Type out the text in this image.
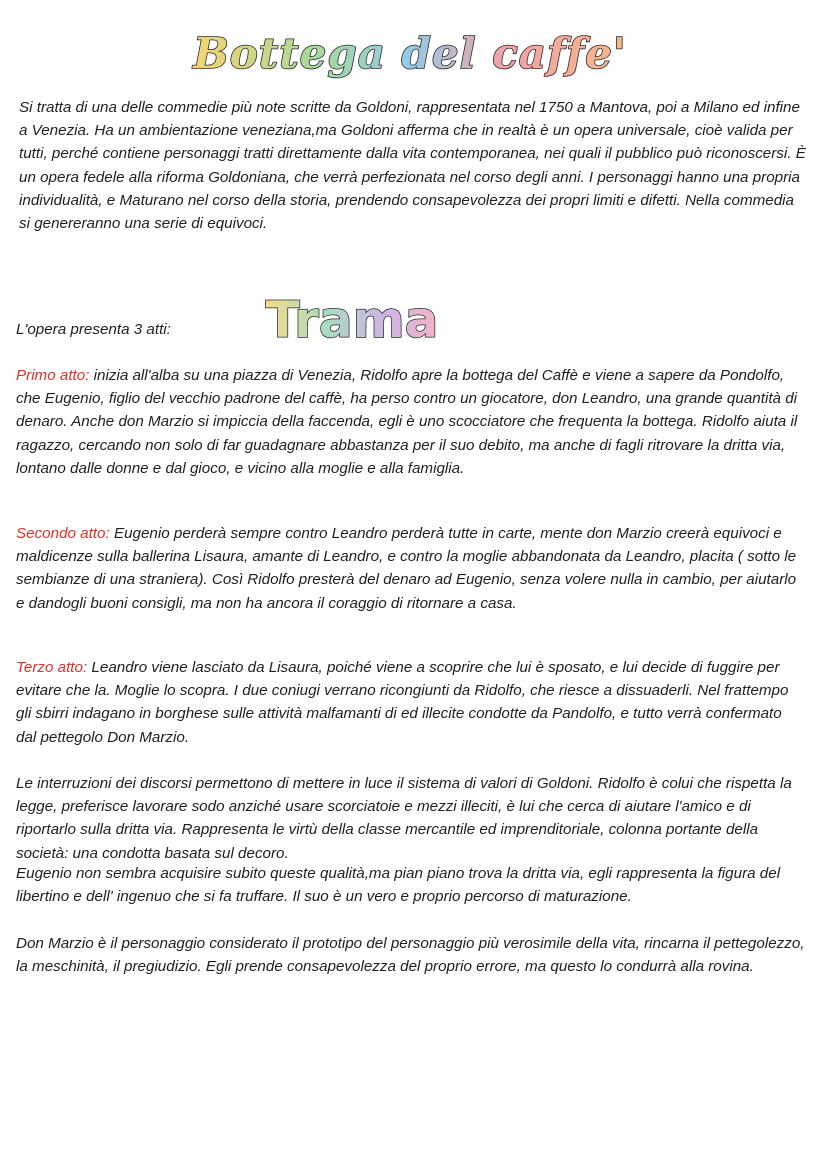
Bottega del caffe'

Si tratta di una delle commedie più note scritte da Goldoni, rappresentata nel 1750 a Mantova, poi a Milano ed infine a Venezia. Ha un ambientazione veneziana,ma Goldoni afferma che in realtà è un opera universale, cioè valida per tutti, perché contiene personaggi tratti direttamente dalla vita contemporanea, nei quali il pubblico può riconoscersi. È un opera fedele alla riforma Goldoniana, che verrà perfezionata nel corso degli anni. I personaggi hanno una propria individualità, e Maturano nel corso della storia, prendendo consapevolezza dei propri limiti e difetti. Nella commedia si genereranno una serie di equivoci.

L'opera presenta 3 atti:	Trama

Primo atto: inizia all'alba su una piazza di Venezia, Ridolfo apre la bottega del Caffè e viene a sapere da Pondolfo, che Eugenio, figlio del vecchio padrone del caffè, ha perso contro un giocatore, don Leandro, una grande quantità di denaro. Anche don Marzio si impiccia della faccenda, egli è uno scocciatore che frequenta la bottega. Ridolfo aiuta il ragazzo, cercando non solo di far guadagnare abbastanza per il suo debito, ma anche di fagli ritrovare la dritta via, lontano dalle donne e dal gioco, e vicino alla moglie e alla famiglia.

Secondo atto: Eugenio perderà sempre contro Leandro perderà tutte in carte, mente don Marzio creerà equivoci e maldicenze sulla ballerina Lisaura, amante di Leandro, e contro la moglie abbandonata da Leandro, placita ( sotto le sembianze di una straniera). Così Ridolfo presterà del denaro ad Eugenio, senza volere nulla in cambio, per aiutarlo e dandogli buoni consigli, ma non ha ancora il coraggio di ritornare a casa.

Terzo atto: Leandro viene lasciato da Lisaura, poiché viene a scoprire che lui è sposato, e lui decide di fuggire per evitare che la. Moglie lo scopra. I due coniugi verrano ricongiunti da Ridolfo, che riesce a dissuaderli. Nel frattempo gli sbirri indagano in borghese sulle attività malfamanti di ed illecite condotte da Pandolfo, e tutto verrà confermato dal pettegolo Don Marzio.

Le interruzioni dei discorsi permettono di mettere in luce il sistema di valori di Goldoni. Ridolfo è colui che rispetta la legge, preferisce lavorare sodo anziché usare scorciatoie e mezzi illeciti, è lui che cerca di aiutare l'amico e di riportarlo sulla dritta via. Rappresenta le virtù della classe mercantile ed imprenditoriale, colonna portante della società: una condotta basata sul decoro.

Eugenio non sembra acquisire subito queste qualità,ma pian piano trova la dritta via, egli rappresenta la figura del libertino e dell' ingenuo che si fa truffare. Il suo è un vero e proprio percorso di maturazione.

Don Marzio è il personaggio considerato il prototipo del personaggio più verosimile della vita, rincarna il pettegolezzo, la meschinità, il pregiudizio. Egli prende consapevolezza del proprio errore, ma questo lo condurrà alla rovina.
